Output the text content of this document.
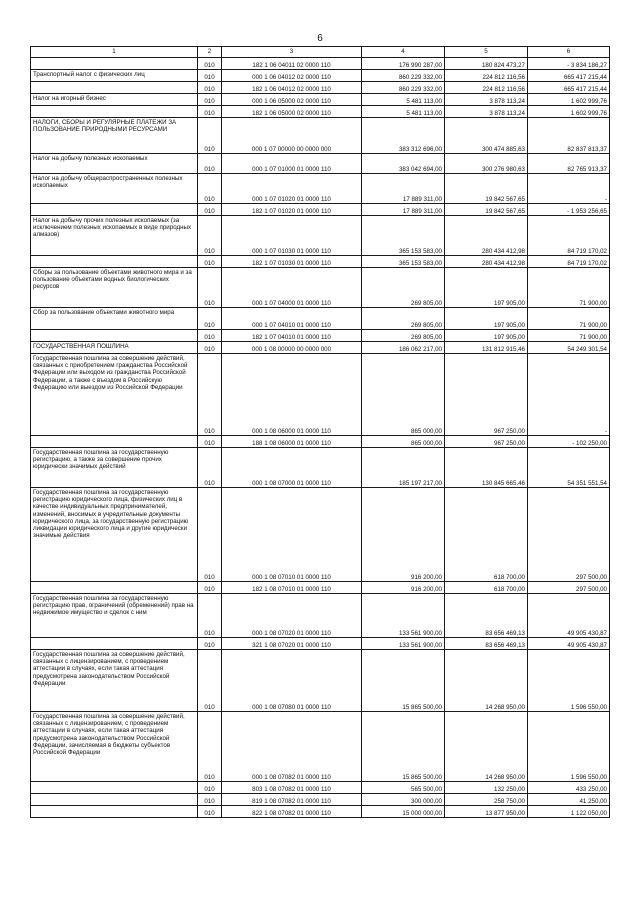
6
1	2	3	4	5	6
	010	182 1 06 04011 02 0000 110	176 990 287,00	180 824 473,27	- 3 834 186,27
Транспортный налог с физических лиц	010	000 1 06 04012 02 0000 110	860 229 332,00	224 812 116,56	665 417 215,44
	010	182 1 06 04012 02 0000 110	860 229 332,00	224 812 116,56	665 417 215,44
Налог на игорный бизнес	010	000 1 06 05000 02 0000 110	5 481 113,00	3 878 113,24	1 602 999,76
	010	182 1 06 05000 02 0000 110	5 481 113,00	3 878 113,24	1 602 999,76
НАЛОГИ, СБОРЫ И РЕГУЛЯРНЫЕ ПЛАТЕЖИ ЗА ПОЛЬЗОВАНИЕ ПРИРОДНЫМИ РЕСУРСАМИ	010	000 1 07 00000 00 0000 000	383 312 696,00	300 474 885,63	82 837 813,37
Налог на добычу полезных ископаемых	010	000 1 07 01000 01 0000 110	383 042 694,00	300 276 980,63	82 765 913,37
Налог на добычу общераспространенных полезных ископаемых	010	000 1 07 01020 01 0000 110	17 889 311,00	19 842 567,65	-
	010	182 1 07 01020 01 0000 110	17 889 311,00	19 842 567,65	- 1 953 256,65
Налог на добычу прочих полезных ископаемых (за исключением полезных ископаемых в виде природных алмазов)	010	000 1 07 01030 01 0000 110	365 153 583,00	280 434 412,98	84 719 170,02
	010	182 1 07 01030 01 0000 110	365 153 583,00	280 434 412,98	84 719 170,02
Сборы за пользование объектами животного мира и за пользование объектами водных биологических ресурсов	010	000 1 07 04000 01 0000 110	269 805,00	197 905,00	71 900,00
Сбор за пользование объектами животного мира	010	000 1 07 04010 01 0000 110	269 805,00	197 905,00	71 900,00
	010	182 1 07 04010 01 0000 110	269 805,00	197 905,00	71 900,00
ГОСУДАРСТВЕННАЯ ПОШЛИНА	010	000 1 08 00000 00 0000 000	186 062 217,00	131 812 915,46	54 249 301,54
Государственная пошлина за совершение действий, связанных с приобретением гражданства Российской Федерации или выходом из гражданства Российской Федерации, а также с въездом в Российскую Федерацию или выездом из Российской Федерации	010	000 1 08 06000 01 0000 110	865 000,00	967 250,00	-
	010	188 1 08 06000 01 0000 110	865 000,00	967 250,00	- 102 250,00
Государственная пошлина за государственную регистрацию, а также за совершение прочих юридически значимых действий	010	000 1 08 07000 01 0000 110	185 197 217,00	130 845 665,46	54 351 551,54
Государственная пошлина за государственную регистрацию юридического лица, физических лиц в качестве индивидуальных предпринимателей, изменений, вносимых в учредительные документы юридического лица, за государственную регистрацию ликвидации юридического лица и другие юридически значимые действия	010	000 1 08 07010 01 0000 110	916 200,00	618 700,00	297 500,00
	010	182 1 08 07010 01 0000 110	916 200,00	618 700,00	297 500,00
Государственная пошлина за государственную регистрацию прав, ограничений (обременений) прав на недвижимое имущество и сделок с ним	010	000 1 08 07020 01 0000 110	133 561 900,00	83 656 469,13	49 905 430,87
	010	321 1 08 07020 01 0000 110	133 561 900,00	83 656 469,13	49 905 430,87
Государственная пошлина за совершение действий, связанных с лицензированием, с проведением аттестации в случаях, если такая аттестация предусмотрена законодательством Российской Федерации	010	000 1 08 07080 01 0000 110	15 865 500,00	14 268 950,00	1 596 550,00
Государственная пошлина за совершение действий, связанных с лицензированием, с проведением аттестации в случаях, если такая аттестация предусмотрена законодательством Российской Федерации, зачисляемая в бюджеты субъектов Российской Федерации	010	000 1 08 07082 01 0000 110	15 865 500,00	14 268 950,00	1 596 550,00
	010	803 1 08 07082 01 0000 110	565 500,00	132 250,00	433 250,00
	010	819 1 08 07082 01 0000 110	300 000,00	258 750,00	41 250,00
	010	822 1 08 07082 01 0000 110	15 000 000,00	13 877 950,00	1 122 050,00
